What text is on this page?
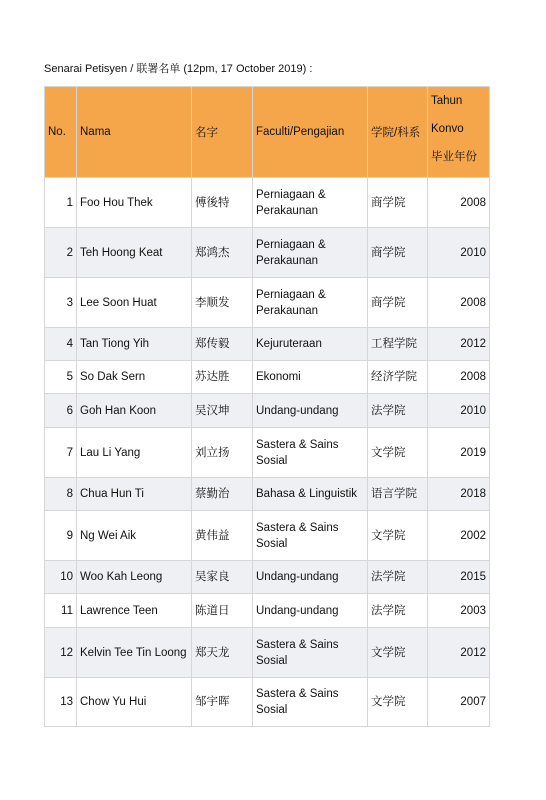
Senarai Petisyen / 联署名单 (12pm, 17 October 2019) :
No.	Nama	名字	Faculti/Pengajian	学院/科系	Tahun
Konvo
毕业年份

1	Foo Hou Thek	傅後特	Perniagaan & Perakaunan	商学院	2008
2	Teh Hoong Keat	郑鸿杰	Perniagaan & Perakaunan	商学院	2010
3	Lee Soon Huat	李顺发	Perniagaan & Perakaunan	商学院	2008
4	Tan Tiong Yih	郑传毅	Kejuruteraan	工程学院	2012
5	So Dak Sern	苏达胜	Ekonomi	经济学院	2008
6	Goh Han Koon	吴汉坤	Undang-undang	法学院	2010
7	Lau Li Yang	刘立扬	Sastera & Sains Sosial	文学院	2019
8	Chua Hun Ti	蔡勤治	Bahasa & Linguistik	语言学院	2018
9	Ng Wei Aik	黄伟益	Sastera & Sains Sosial	文学院	2002
10	Woo Kah Leong	吴家良	Undang-undang	法学院	2015
11	Lawrence Teen	陈道日	Undang-undang	法学院	2003
12	Kelvin Tee Tin Loong	郑天龙	Sastera & Sains Sosial	文学院	2012
13	Chow Yu Hui	邹宇晖	Sastera & Sains Sosial	文学院	2007
